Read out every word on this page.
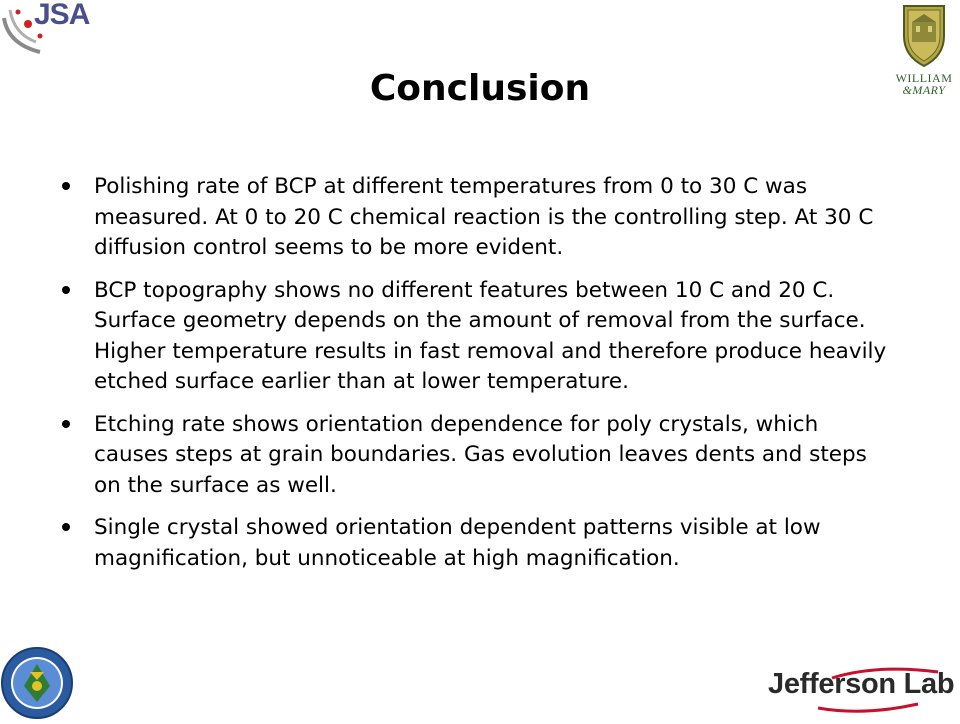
JSA
WILLIAM
&MARY
Conclusion
Polishing rate of BCP at different temperatures from 0 to 30 C was measured. At 0 to 20 C chemical reaction is the controlling step. At 30 C diffusion control seems to be more evident.
BCP topography shows no different features between 10 C and 20 C. Surface geometry depends on the amount of removal from the surface. Higher temperature results in fast removal and therefore produce heavily etched surface earlier than at lower temperature.
Etching rate shows orientation dependence for poly crystals, which causes steps at grain boundaries. Gas evolution leaves dents and steps on the surface as well.
Single crystal showed orientation dependent patterns visible at low magnification, but unnoticeable at high magnification.
Jefferson Lab
